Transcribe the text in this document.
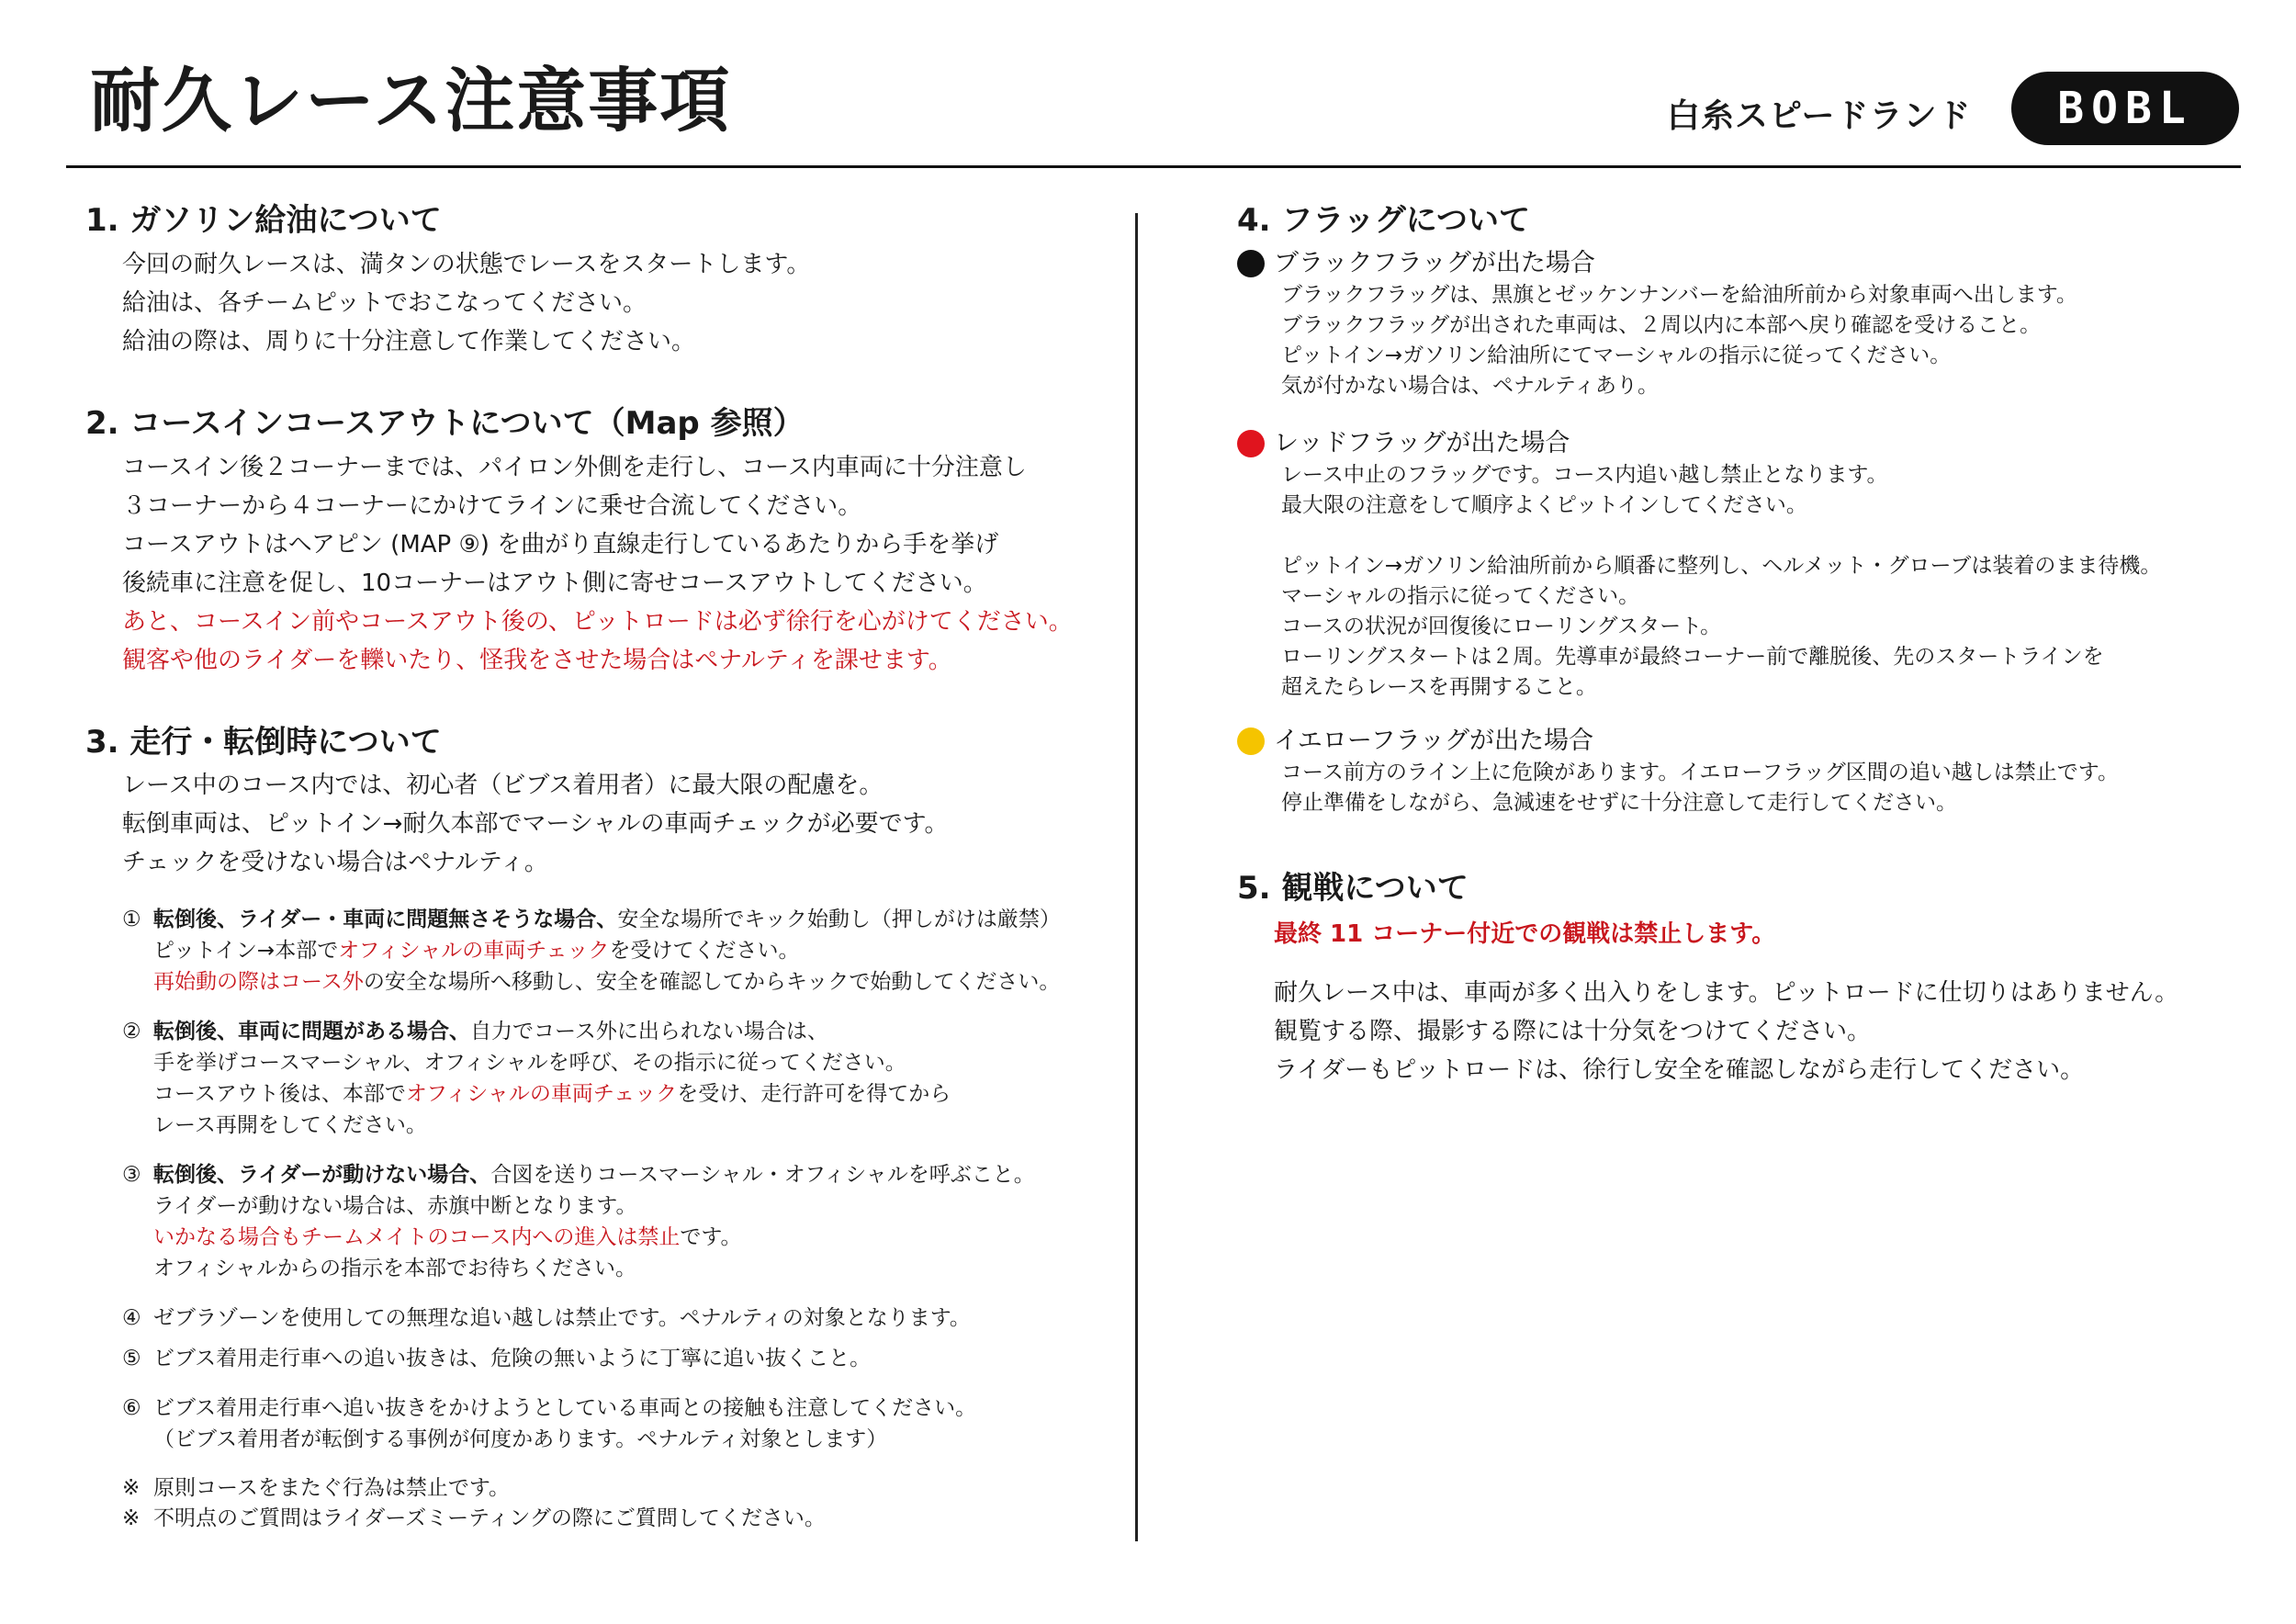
耐久レース注意事項	白糸スピードランド	BOBL
1. ガソリン給油について
今回の耐久レースは、満タンの状態でレースをスタートします。
給油は、各チームピットでおこなってください。
給油の際は、周りに十分注意して作業してください。
2. コースインコースアウトについて（Map 参照）
コースイン後２コーナーまでは、パイロン外側を走行し、コース内車両に十分注意し
３コーナーから４コーナーにかけてラインに乗せ合流してください。
コースアウトはヘアピン (MAP ⑨) を曲がり直線走行しているあたりから手を挙げ
後続車に注意を促し、10コーナーはアウト側に寄せコースアウトしてください。
あと、コースイン前やコースアウト後の、ピットロードは必ず徐行を心がけてください。
観客や他のライダーを轢いたり、怪我をさせた場合はペナルティを課せます。
3. 走行・転倒時について
レース中のコース内では、初心者（ビブス着用者）に最大限の配慮を。
転倒車両は、ピットイン→耐久本部でマーシャルの車両チェックが必要です。
チェックを受けない場合はペナルティ。
① 転倒後、ライダー・車両に問題無さそうな場合、安全な場所でキック始動し（押しがけは厳禁）
ピットイン→本部でオフィシャルの車両チェックを受けてください。
再始動の際はコース外の安全な場所へ移動し、安全を確認してからキックで始動してください。
② 転倒後、車両に問題がある場合、自力でコース外に出られない場合は、
手を挙げコースマーシャル、オフィシャルを呼び、その指示に従ってください。
コースアウト後は、本部でオフィシャルの車両チェックを受け、走行許可を得てから
レース再開をしてください。
③ 転倒後、ライダーが動けない場合、合図を送りコースマーシャル・オフィシャルを呼ぶこと。
ライダーが動けない場合は、赤旗中断となります。
いかなる場合もチームメイトのコース内への進入は禁止です。
オフィシャルからの指示を本部でお待ちください。
④ ゼブラゾーンを使用しての無理な追い越しは禁止です。ペナルティの対象となります。
⑤ ビブス着用走行車への追い抜きは、危険の無いように丁寧に追い抜くこと。
⑥ ビブス着用走行車へ追い抜きをかけようとしている車両との接触も注意してください。
（ビブス着用者が転倒する事例が何度かあります。ペナルティ対象とします）
※ 原則コースをまたぐ行為は禁止です。
※ 不明点のご質問はライダーズミーティングの際にご質問してください。
4. フラッグについて
ブラックフラッグが出た場合
ブラックフラッグは、黒旗とゼッケンナンバーを給油所前から対象車両へ出します。
ブラックフラッグが出された車両は、２周以内に本部へ戻り確認を受けること。
ピットイン→ガソリン給油所にてマーシャルの指示に従ってください。
気が付かない場合は、ペナルティあり。
レッドフラッグが出た場合
レース中止のフラッグです。コース内追い越し禁止となります。
最大限の注意をして順序よくピットインしてください。
ピットイン→ガソリン給油所前から順番に整列し、ヘルメット・グローブは装着のまま待機。
マーシャルの指示に従ってください。
コースの状況が回復後にローリングスタート。
ローリングスタートは２周。先導車が最終コーナー前で離脱後、先のスタートラインを
超えたらレースを再開すること。
イエローフラッグが出た場合
コース前方のライン上に危険があります。イエローフラッグ区間の追い越しは禁止です。
停止準備をしながら、急減速をせずに十分注意して走行してください。
5. 観戦について
最終 11 コーナー付近での観戦は禁止します。
耐久レース中は、車両が多く出入りをします。ピットロードに仕切りはありません。
観覧する際、撮影する際には十分気をつけてください。
ライダーもピットロードは、徐行し安全を確認しながら走行してください。
